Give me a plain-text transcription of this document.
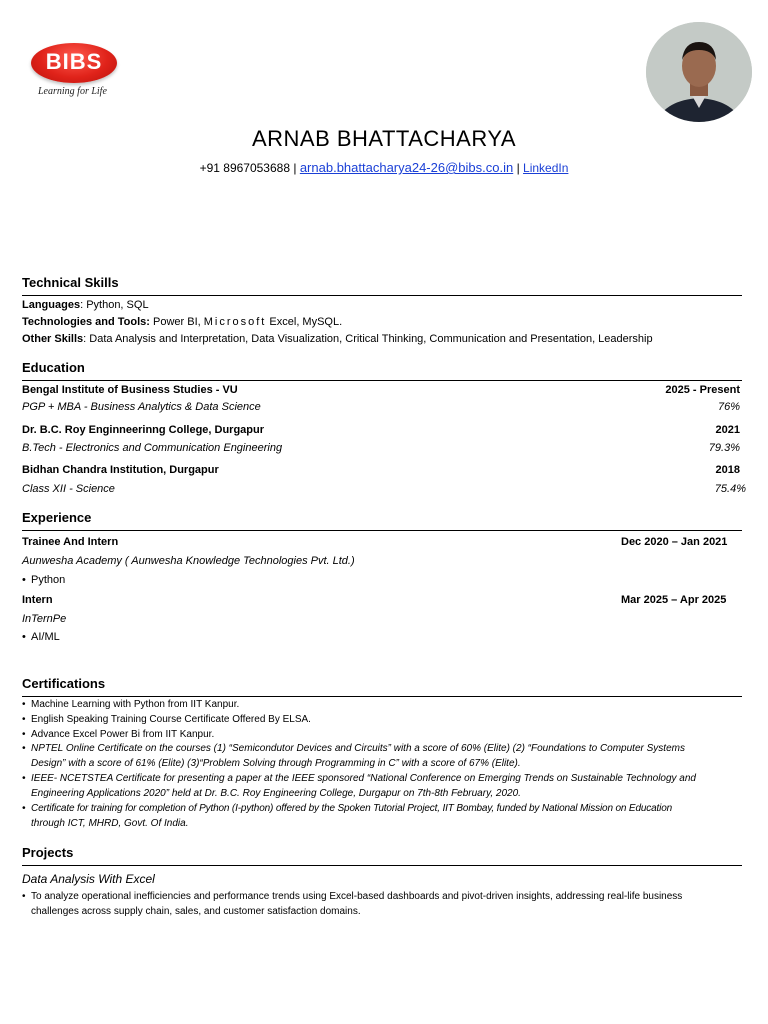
BIBS
Learning for Life
ARNAB BHATTACHARYA
+91 8967053688 | arnab.bhattacharya24-26@bibs.co.in | LinkedIn
Technical Skills
Languages: Python, SQL
Technologies and Tools: Power BI, Microsoft Excel, MySQL.
Other Skills: Data Analysis and Interpretation, Data Visualization, Critical Thinking, Communication and Presentation, Leadership
Education
Bengal Institute of Business Studies - VU	2025 - Present
PGP + MBA - Business Analytics & Data Science	76%
Dr. B.C. Roy Enginneerinng College, Durgapur	2021
B.Tech - Electronics and Communication Engineering	79.3%
Bidhan Chandra Institution, Durgapur	2018
Class XII - Science	75.4%
Experience
Trainee And Intern	Dec 2020 – Jan 2021
Aunwesha Academy ( Aunwesha Knowledge Technologies Pvt. Ltd.)
• Python
Intern	Mar 2025 – Apr 2025
InTernPe
• AI/ML
Certifications
• Machine Learning with Python from IIT Kanpur.
• English Speaking Training Course Certificate Offered By ELSA.
• Advance Excel Power Bi from IIT Kanpur.
• NPTEL Online Certificate on the courses (1) “Semicondutor Devices and Circuits” with a score of 60% (Elite) (2) “Foundations to Computer Systems
Design” with a score of 61% (Elite) (3)“Problem Solving through Programming in C” with a score of 67% (Elite).
• IEEE- NCETSTEA Certificate for presenting a paper at the IEEE sponsored “National Conference on Emerging Trends on Sustainable Technology and
Engineering Applications 2020” held at Dr. B.C. Roy Engineering College, Durgapur on 7th-8th February, 2020.
• Certificate for training for completion of Python (I-python) offered by the Spoken Tutorial Project, IIT Bombay, funded by National Mission on Education
through ICT, MHRD, Govt. Of India.
Projects
Data Analysis With Excel
• To analyze operational inefficiencies and performance trends using Excel-based dashboards and pivot-driven insights, addressing real-life business
challenges across supply chain, sales, and customer satisfaction domains.
